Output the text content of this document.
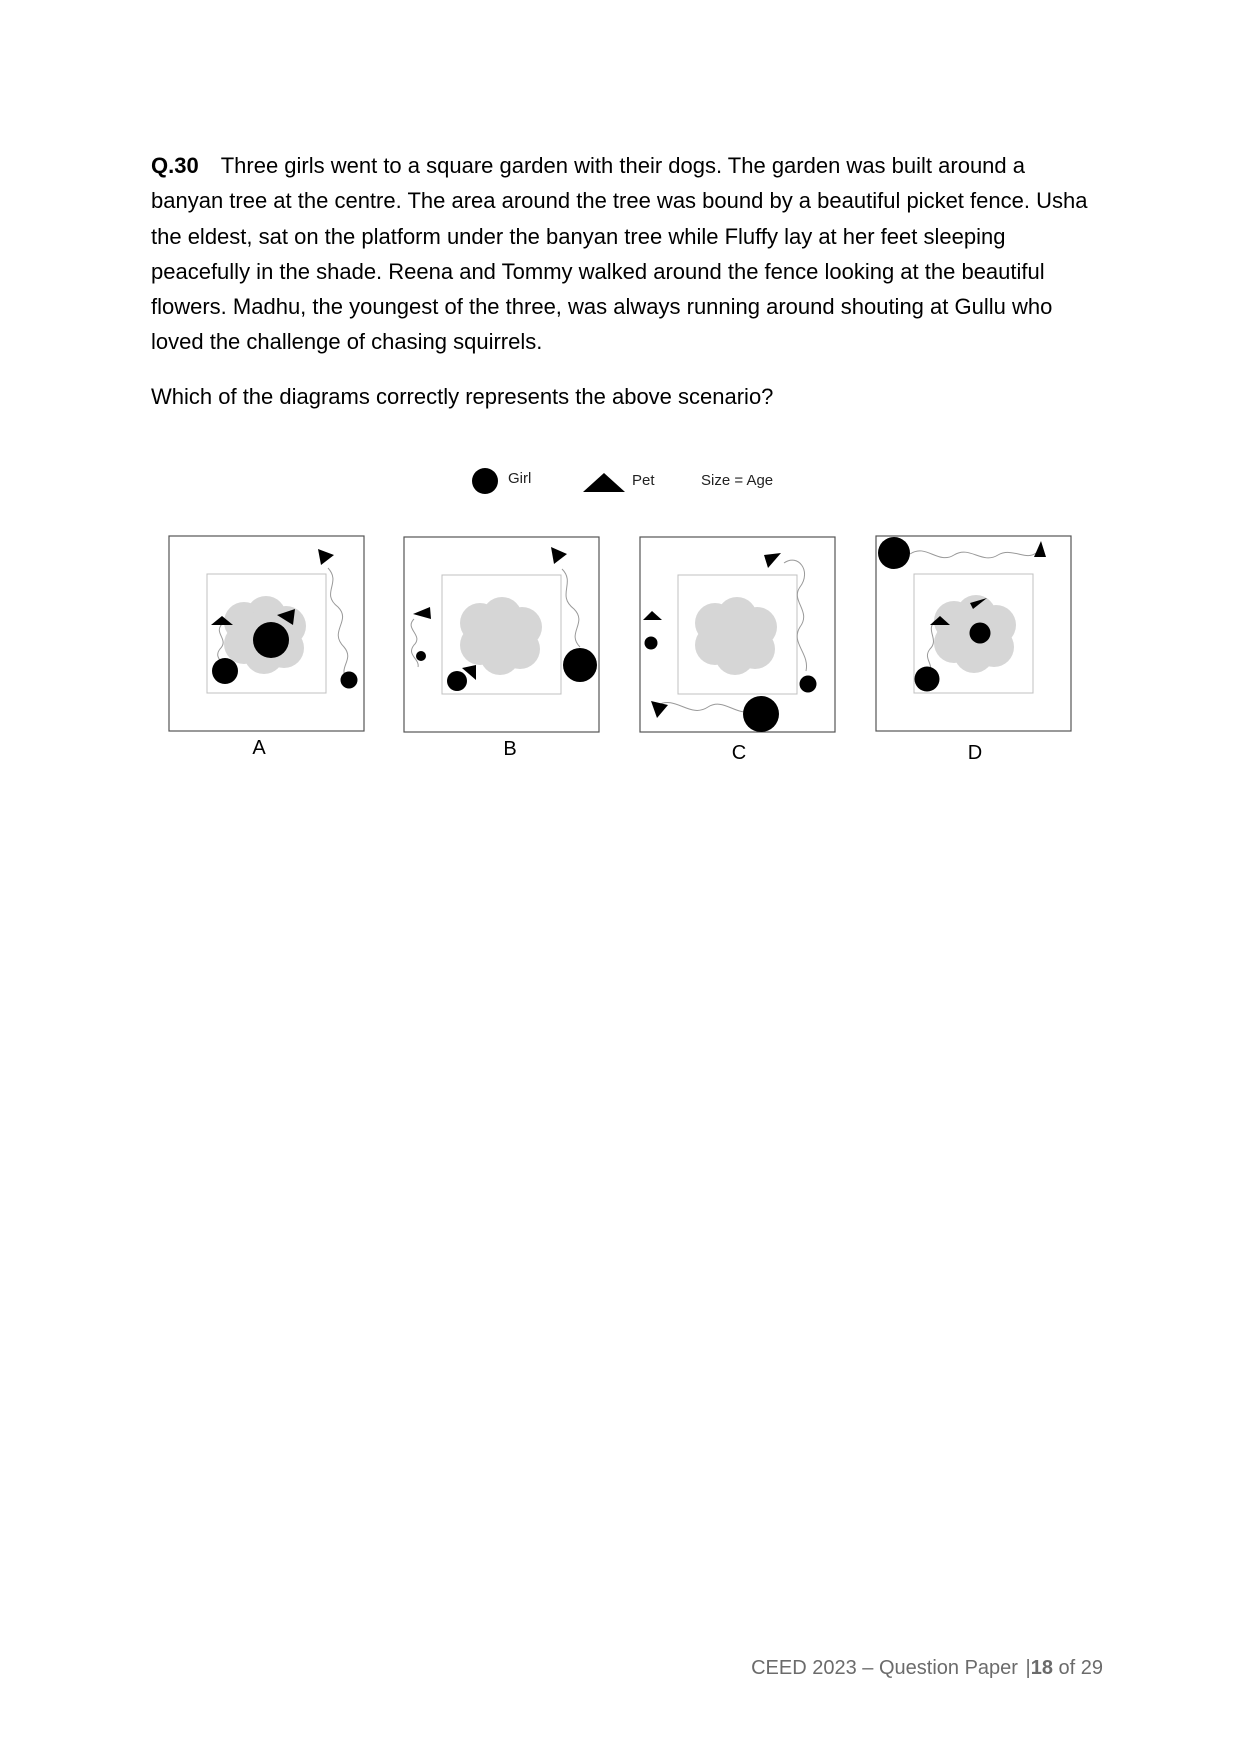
Q.30 Three girls went to a square garden with their dogs. The garden was built around a banyan tree at the centre. The area around the tree was bound by a beautiful picket fence. Usha the eldest, sat on the platform under the banyan tree while Fluffy lay at her feet sleeping peacefully in the shade. Reena and Tommy walked around the fence looking at the beautiful flowers. Madhu, the youngest of the three, was always running around shouting at Gullu who loved the challenge of chasing squirrels.

Which of the diagrams correctly represents the above scenario?
Girl	Pet	Size = Age
A	B	C	D
CEED 2023 – Question Paper |18 of 29
